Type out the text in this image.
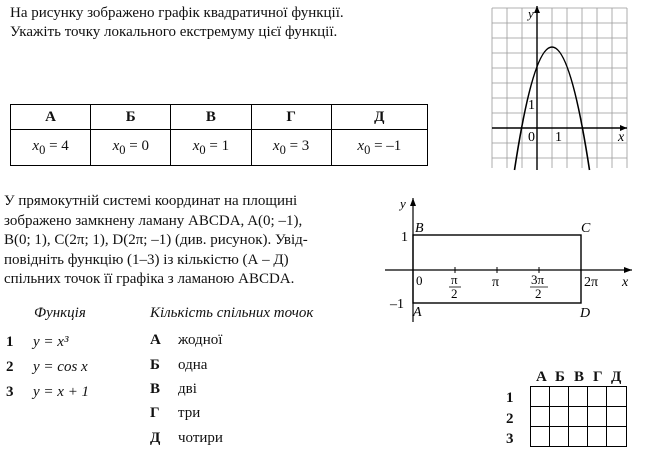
На рисунку зображено графік квадратичної функції.
Укажіть точку локального екстремуму цієї функції.
А	Б	В	Г	Д
$x_0 = 4$	$x_0 = 0$	$x_0 = 1$	$x_0 = 3$	$x_0 = -1$
y
x
0 1
1
У прямокутній системі координат на площині
зображено замкнену ламану ABCDA, A(0; –1),
B(0; 1), C(2π; 1), D(2π; –1) (див. рисунок). Увід-
повідніть функцію (1–3) із кількістю (А – Д)
спільних точок її графіка з ламаною ABCDA.
Функція	Кількість спільних точок
1 y = x³
2 y = cos x
3 y = x + 1
А жодної
Б одна
В дві
Г три
Д чотири
y
x
0
1
–1
π
2
π 3π
2
2π
B	C
A	D
А Б В Г Д
1
2
3
